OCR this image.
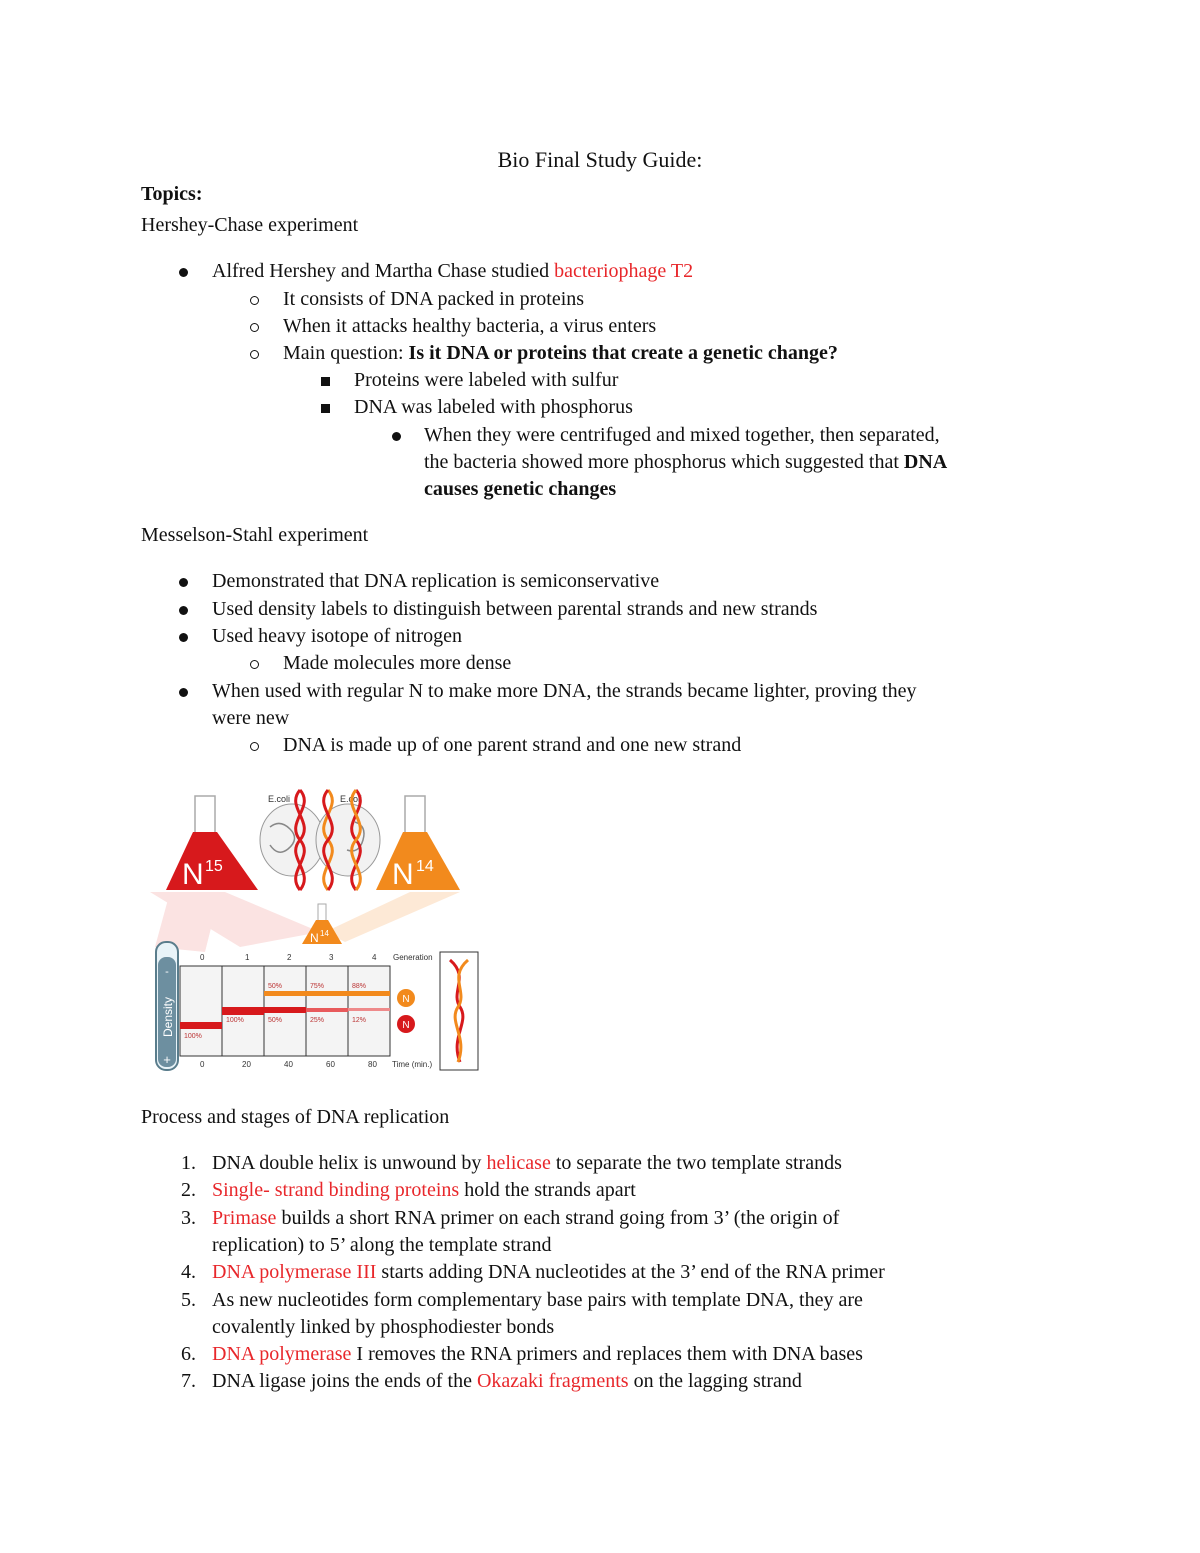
Bio Final Study Guide:
Topics:
Hershey-Chase experiment
Alfred Hershey and Martha Chase studied bacteriophage T2
It consists of DNA packed in proteins
When it attacks healthy bacteria, a virus enters
Main question: Is it DNA or proteins that create a genetic change?
Proteins were labeled with sulfur
DNA was labeled with phosphorus
When they were centrifuged and mixed together, then separated,
the bacteria showed more phosphorus which suggested that DNA
causes genetic changes
Messelson-Stahl experiment
Demonstrated that DNA replication is semiconservative
Used density labels to distinguish between parental strands and new strands
Used heavy isotope of nitrogen
Made molecules more dense
When used with regular N to make more DNA, the strands became lighter, proving they
were new
DNA is made up of one parent strand and one new strand
N 15	N 14
E.coli	E.coli
N 14
-
+
Density
0	1	2	3	4 Generation
50%	75%	88%
100%	50%	25%	12%
100%
N
N
0	20	40	60	80 Time (min.)
Process and stages of DNA replication
1. DNA double helix is unwound by helicase to separate the two template strands
2. Single- strand binding proteins hold the strands apart
3. Primase builds a short RNA primer on each strand going from 3’ (the origin of
replication) to 5’ along the template strand
4. DNA polymerase III starts adding DNA nucleotides at the 3’ end of the RNA primer
5. As new nucleotides form complementary base pairs with template DNA, they are
covalently linked by phosphodiester bonds
6. DNA polymerase I removes the RNA primers and replaces them with DNA bases
7. DNA ligase joins the ends of the Okazaki fragments on the lagging strand
